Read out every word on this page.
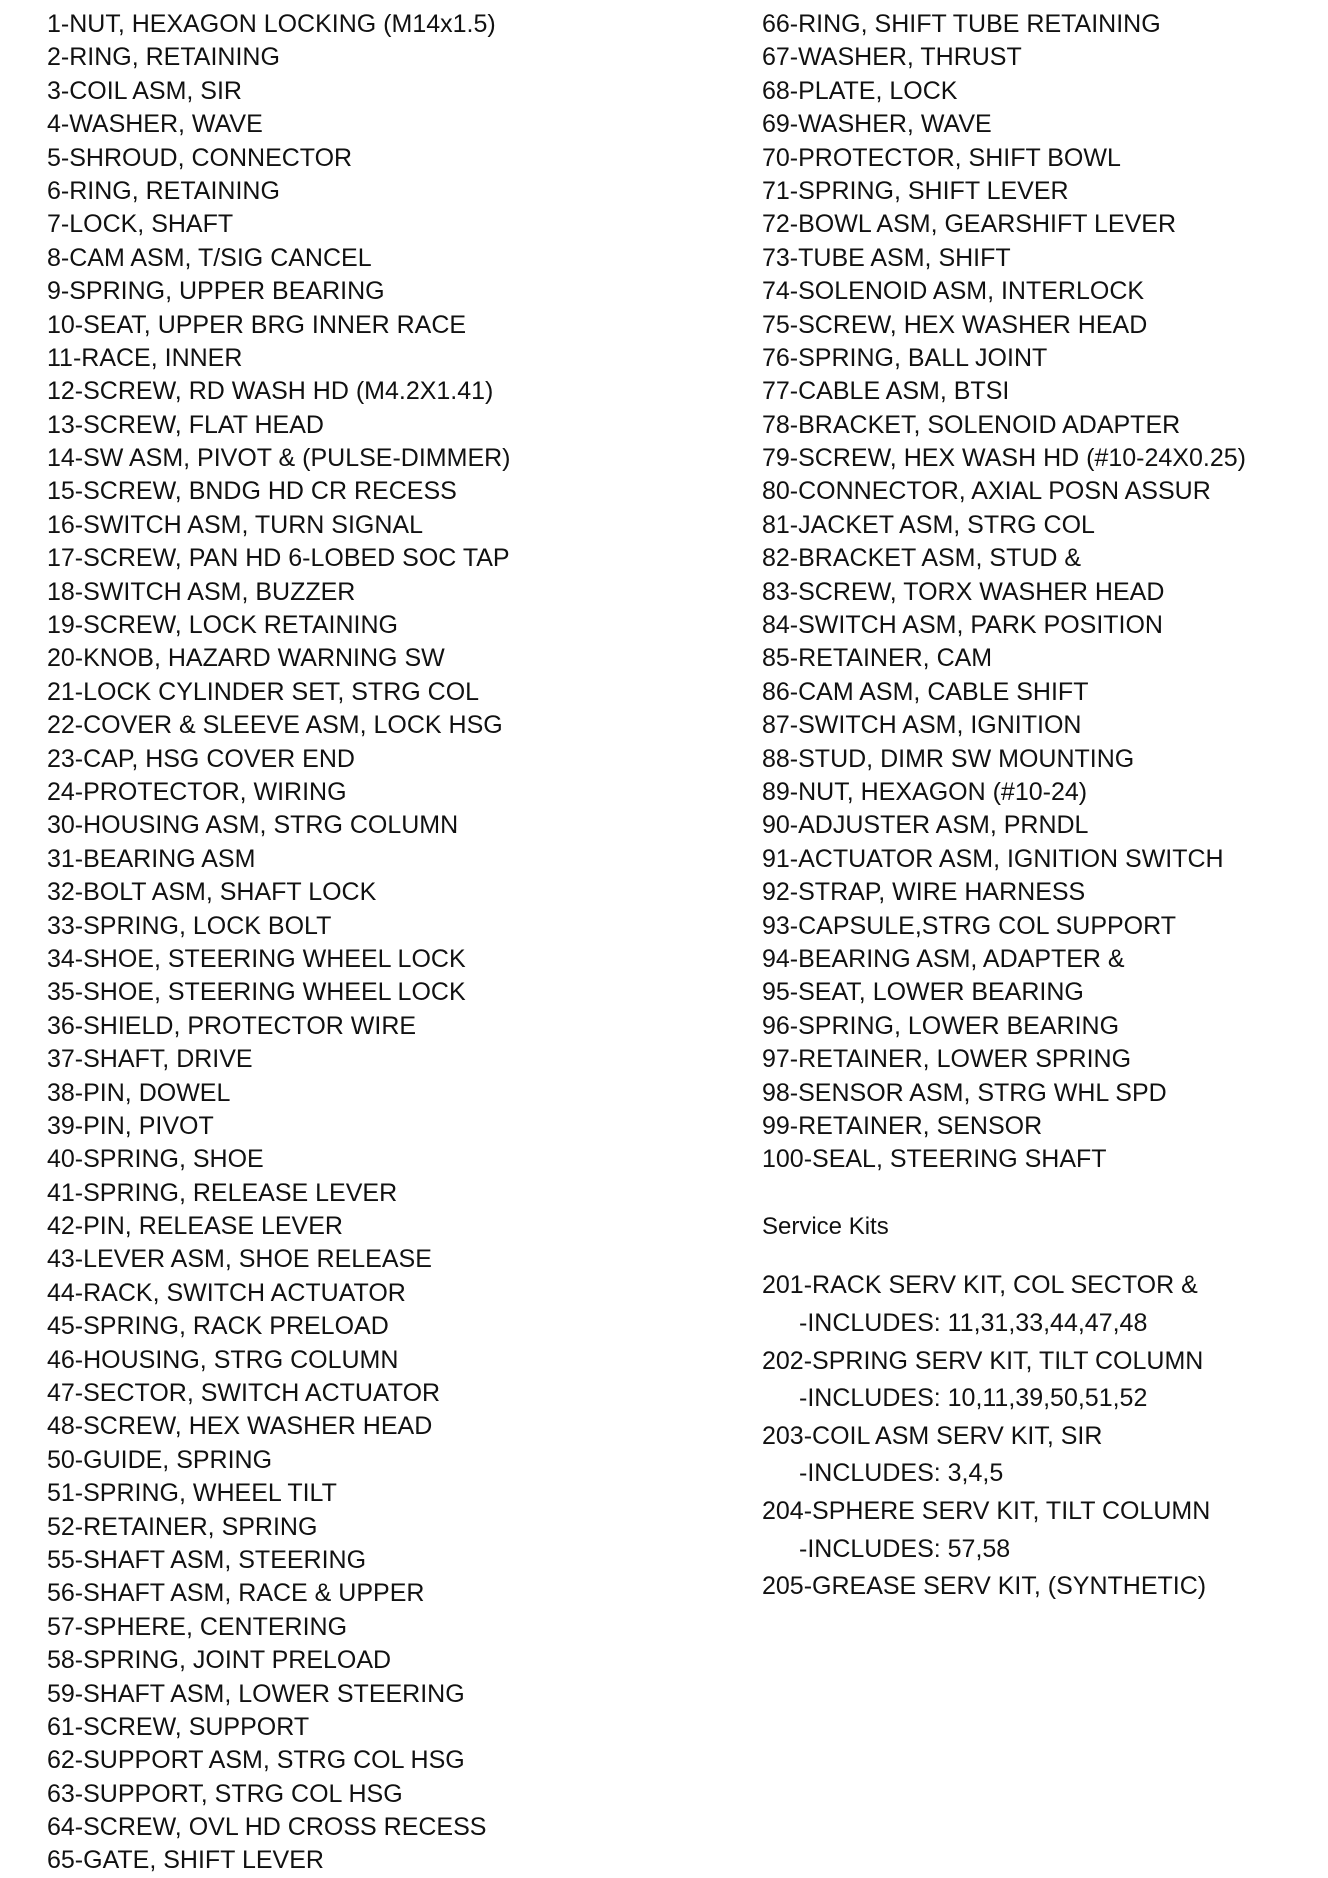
1-NUT, HEXAGON LOCKING (M14x1.5)
2-RING, RETAINING
3-COIL ASM, SIR
4-WASHER, WAVE
5-SHROUD, CONNECTOR
6-RING, RETAINING
7-LOCK, SHAFT
8-CAM ASM, T/SIG CANCEL
9-SPRING, UPPER BEARING
10-SEAT, UPPER BRG INNER RACE
11-RACE, INNER
12-SCREW, RD WASH HD (M4.2X1.41)
13-SCREW, FLAT HEAD
14-SW ASM, PIVOT & (PULSE-DIMMER)
15-SCREW, BNDG HD CR RECESS
16-SWITCH ASM, TURN SIGNAL
17-SCREW, PAN HD 6-LOBED SOC TAP
18-SWITCH ASM, BUZZER
19-SCREW, LOCK RETAINING
20-KNOB, HAZARD WARNING SW
21-LOCK CYLINDER SET, STRG COL
22-COVER & SLEEVE ASM, LOCK HSG
23-CAP, HSG COVER END
24-PROTECTOR, WIRING
30-HOUSING ASM, STRG COLUMN
31-BEARING ASM
32-BOLT ASM, SHAFT LOCK
33-SPRING, LOCK BOLT
34-SHOE, STEERING WHEEL LOCK
35-SHOE, STEERING WHEEL LOCK
36-SHIELD, PROTECTOR WIRE
37-SHAFT, DRIVE
38-PIN, DOWEL
39-PIN, PIVOT
40-SPRING, SHOE
41-SPRING, RELEASE LEVER
42-PIN, RELEASE LEVER
43-LEVER ASM, SHOE RELEASE
44-RACK, SWITCH ACTUATOR
45-SPRING, RACK PRELOAD
46-HOUSING, STRG COLUMN
47-SECTOR, SWITCH ACTUATOR
48-SCREW, HEX WASHER HEAD
50-GUIDE, SPRING
51-SPRING, WHEEL TILT
52-RETAINER, SPRING
55-SHAFT ASM, STEERING
56-SHAFT ASM, RACE & UPPER
57-SPHERE, CENTERING
58-SPRING, JOINT PRELOAD
59-SHAFT ASM, LOWER STEERING
61-SCREW, SUPPORT
62-SUPPORT ASM, STRG COL HSG
63-SUPPORT, STRG COL HSG
64-SCREW, OVL HD CROSS RECESS
65-GATE, SHIFT LEVER
66-RING, SHIFT TUBE RETAINING
67-WASHER, THRUST
68-PLATE, LOCK
69-WASHER, WAVE
70-PROTECTOR, SHIFT BOWL
71-SPRING, SHIFT LEVER
72-BOWL ASM, GEARSHIFT LEVER
73-TUBE ASM, SHIFT
74-SOLENOID ASM, INTERLOCK
75-SCREW, HEX WASHER HEAD
76-SPRING, BALL JOINT
77-CABLE ASM, BTSI
78-BRACKET, SOLENOID ADAPTER
79-SCREW, HEX WASH HD (#10-24X0.25)
80-CONNECTOR, AXIAL POSN ASSUR
81-JACKET ASM, STRG COL
82-BRACKET ASM, STUD &
83-SCREW, TORX WASHER HEAD
84-SWITCH ASM, PARK POSITION
85-RETAINER, CAM
86-CAM ASM, CABLE SHIFT
87-SWITCH ASM, IGNITION
88-STUD, DIMR SW MOUNTING
89-NUT, HEXAGON (#10-24)
90-ADJUSTER ASM, PRNDL
91-ACTUATOR ASM, IGNITION SWITCH
92-STRAP, WIRE HARNESS
93-CAPSULE,STRG COL SUPPORT
94-BEARING ASM, ADAPTER &
95-SEAT, LOWER BEARING
96-SPRING, LOWER BEARING
97-RETAINER, LOWER SPRING
98-SENSOR ASM, STRG WHL SPD
99-RETAINER, SENSOR
100-SEAL, STEERING SHAFT
Service Kits
201-RACK SERV KIT, COL SECTOR &
-INCLUDES: 11,31,33,44,47,48
202-SPRING SERV KIT, TILT COLUMN
-INCLUDES: 10,11,39,50,51,52
203-COIL ASM SERV KIT, SIR
-INCLUDES: 3,4,5
204-SPHERE SERV KIT, TILT COLUMN
-INCLUDES: 57,58
205-GREASE SERV KIT, (SYNTHETIC)
